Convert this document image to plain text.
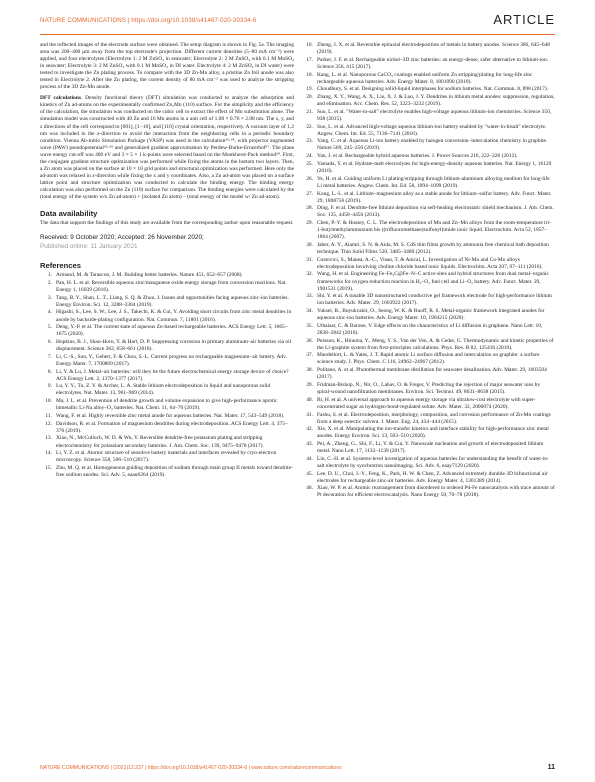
NATURE COMMUNICATIONS | https://doi.org/10.1038/s41467-020-20334-6	ARTICLE

and the reflected images of the electrode surface were obtained. The setup diagram is shown in Fig. 5a. The imaging area was 200–400 µm away from the top electrode's projection. Different current densities (5–80 mA cm⁻²) were applied, and four electrolytes (Electrolyte 1: 2 M ZnSO₄ in seawater; Electrolyte 2: 2 M ZnSO₄ with 0.1 M MnSO₄ in seawater; Electrolyte 3: 2 M ZnSO₄ with 0.1 M MnSO₄ in DI water. Electrolyte 4: 2 M ZnSO₄ in DI water) were tested to investigate the Zn plating process. To compare with the 3D Zn-Mn alloy, a pristine Zn foil anode was also tested in Electrolyte 2. After the Zn plating, the current density of 80 mA cm⁻² was used to analyze the stripping process of the 3D Zn-Mn anode.

DFT calculations. Density functional theory (DFT) simulation was conducted to analyze the adsorption and kinetics of Zn ad-atoms on the experimentally confirmed Zn₃Mn (110) surface. For the simplicity and the efficiency of the calculation, the simulation was conducted on the cubic cell to extract the effect of Mn substitution alone. The simulation model was constructed with 40 Zn and 16 Mn atoms in a unit cell of 1.08 × 0.76 × 2.08 nm. The x, y, and z directions of the cell correspond to [001], [1−10], and [110] crystal orientation, respectively. A vacuum layer of 1.2 nm was included in the z-direction to avoid the interaction from the neighboring cells in a periodic boundary condition. Vienna Ab-initio Simulation Package (VASP) was used in the calculation⁶³·⁶⁴, with projector augmented wave (PAW) pseudopotential⁶⁵·⁶⁶ and generalized gradient approximation by Perdew-Burke-Ernzerhof⁶⁷. The plane wave energy cut-off was 400 eV and 3 × 5 × 1 k-points were selected based on the Monkhorst-Pack method⁶⁸. First, the conjugate gradient structure optimization was performed while fixing the atoms in the bottom two layers. Then, a Zn atom was placed on the surface at 10 × 10 grid points and structural optimization was performed. Here only the ad-atom was relaxed in z-direction while fixing the x and y coordinates. Also, a Zn ad-atom was placed on a surface lattice point and structure optimization was conducted to calculate the binding energy. The binding energy calculation was also performed on the Zn (110) surface for comparison. The binding energies were calculated by the (total energy of the system w/o Zn ad-atom) + (isolated Zn atom) – (total energy of the model w/ Zn ad-atom).

Data availability

The data that support the findings of this study are available from the corresponding author upon reasonable request.

Received: 9 October 2020; Accepted: 26 November 2020;
Published online: 11 January 2021
References
1. Armand, M. & Tarascon, J. M. Building better batteries. Nature 451, 652–657 (2008).
2. Pan, H. L. et al. Reversible aqueous zinc/manganese oxide energy storage from conversion reactions. Nat. Energy 1, 16039 (2016).
3. Tang, B. Y., Shan, L. T., Liang, S. Q. & Zhou, J. Issues and opportunities facing aqueous zinc-ion batteries. Energy Environ. Sci. 12, 3288–3304 (2019).
4. Higashi, S., Lee, S. W., Lee, J. S., Takechi, K. & Cui, Y. Avoiding short circuits from zinc metal dendrites in anode by backside-plating configuration. Nat. Commun. 7, 11801 (2016).
5. Deng, Y.-P. et al. The current state of aqueous Zn-based rechargeable batteries. ACS Energy Lett. 5, 1665–1675 (2020).
6. Hopkins, B. J., Shao-Horn, Y. & Hart, D. P. Suppressing corrosion in primary aluminum–air batteries via oil displacement. Science 362, 658–661 (2018).
7. Li, C.-S., Sun, Y., Gebert, F. & Chou, S.-L. Current progress on rechargeable magnesium–air battery. Adv. Energy Mater. 7, 1700869 (2017).
8. Li, Y. & Lu, J. Metal–air batteries: will they be the future electrochemical energy storage device of choice? ACS Energy Lett. 2, 1370–1377 (2017).
9. Lu, Y. Y., Tu, Z. Y. & Archer, L. A. Stable lithium electrodeposition in liquid and nanoporous solid electrolytes. Nat. Mater. 13, 961–969 (2014).
10. Ma, J. L. et al. Prevention of dendrite growth and volume expansion to give high-performance aprotic bimetallic Li-Na alloy–O₂ batteries. Nat. Chem. 11, 64–70 (2019).
11. Wang, F. et al. Highly reversible zinc metal anode for aqueous batteries. Nat. Mater. 17, 543–549 (2018).
12. Davidson, R. et al. Formation of magnesium dendrites during electrodeposition. ACS Energy Lett. 4, 375–376 (2019).
13. Xiao, N., McCulloch, W. D. & Wu, Y. Reversible dendrite-free potassium plating and stripping electrochemistry for potassium secondary batteries. J. Am. Chem. Soc. 139, 9475–9478 (2017).
14. Li, Y. Z. et al. Atomic structure of sensitive battery materials and interfaces revealed by cryo-electron microscopy. Science 358, 506–510 (2017).
15. Zhu, M. Q. et al. Homogeneous guiding deposition of sodium through main group II metals toward dendrite-free sodium anodes. Sci. Adv. 5, eaau6264 (2019).
16. Zheng, J. X. et al. Reversible epitaxial electrodeposition of metals in battery anodes. Science 366, 645–648 (2019).
17. Parker, J. F. et al. Rechargeable nickel–3D zinc batteries: an energy-dense, safer alternative to lithium-ion. Science 356, 415 (2017).
18. Kang, L. et al. Nanoporous CaCO₃ coatings enabled uniform Zn stripping/plating for long-life zinc rechargeable aqueous batteries. Adv. Energy Mater. 8, 1801090 (2018).
19. Choudhury, S. et al. Designing solid-liquid interphases for sodium batteries. Nat. Commun. 8, 898 (2017).
20. Zhang, X. Y., Wang, A. X., Liu, X. J. & Luo, J. Y. Dendrites in lithium metal anodes: suppression, regulation, and elimination. Acc. Chem. Res. 52, 3223–3232 (2019).
21. Suo, L. et al. "Water-in-salt" electrolyte enables high-voltage aqueous lithium-ion chemistries. Science 350, 938 (2015).
22. Suo, L. et al. Advanced high-voltage aqueous lithium-ion battery enabled by "water-in-bisalt" electrolyte. Angew. Chem. Int. Ed. 55, 7136–7141 (2016).
23. Yang, C. et al. Aqueous Li-ion battery enabled by halogen conversion–intercalation chemistry in graphite. Nature 569, 245–250 (2019).
24. Yan, J. et al. Rechargeable hybrid aqueous batteries. J. Power Sources 216, 222–226 (2012).
25. Yamada, Y. et al. Hydrate-melt electrolytes for high-energy-density aqueous batteries. Nat. Energy 1, 16129 (2016).
26. Ye, H. et al. Guiding uniform Li plating/stripping through lithium-aluminum alloying medium for long-life Li metal batteries. Angew. Chem. Int. Ed. 58, 1094–1099 (2019).
27. Kong, L.-L. et al. Lithium–magnesium alloy as a stable anode for lithium–sulfur battery. Adv. Funct. Mater. 29, 1808756 (2019).
28. Ding, F. et al. Dendrite-free lithium deposition via self-healing electrostatic shield mechanism. J. Am. Chem. Soc. 135, 4450–4456 (2013).
29. Chen, P.-Y. & Hussey, C. L. The electrodeposition of Mn and Zn–Mn alloys from the room-temperature tri-1-butylmethylammonium bis ((trifluoromethane)sulfonyl)imide ionic liquid. Electrochim. Acta 52, 1857–1864 (2007).
30. Jaber, A. Y., Alamri, S. N. & Aida, M. S. CdS thin films growth by ammonia free chemical bath deposition technique. Thin Solid Films 520, 3485–3489 (2012).
31. Costovici, S., Manea, A.-C., Visan, T. & Anicai, L. Investigation of Ni-Mo and Co-Mo alloys electrodeposition involving choline chloride based ionic liquids. Electrochim. Acta 207, 97–111 (2016).
32. Wang, H. et al. Engineering Fe–Fe₃C@Fe–N–C active sites and hybrid structures from dual metal–organic frameworks for oxygen reduction reaction in H₂–O₂ fuel cell and Li–O₂ battery. Adv. Funct. Mater. 29, 1901531 (2019).
33. Shi, Y. et al. A tunable 3D nanostructured conductive gel framework electrode for high-performance lithium ion batteries. Adv. Mater. 29, 1603922 (2017).
34. Yuksel, R., Buyukcakir, O., Seong, W. K. & Ruoff, R. S. Metal-organic framework integrated anodes for aqueous zinc-ion batteries. Adv. Energy Mater. 10, 1904215 (2020).
35. Uthaisar, C. & Barone, V. Edge effects on the characteristics of Li diffusion in graphene. Nano Lett. 10, 2838–2842 (2010).
36. Persson, K., Hinuma, Y., Meng, Y. S., Van der Ven, A. & Ceder, G. Thermodynamic and kinetic properties of the Li-graphite system from first-principles calculations. Phys. Rev. B 82, 125416 (2010).
37. Mandeltort, L. & Yates, J. T. Rapid atomic Li surface diffusion and intercalation on graphite: a surface science study. J. Phys. Chem. C 116, 24962–24967 (2012).
38. Politano, A. et al. Photothermal membrane distillation for seawater desalination. Adv. Mater. 29, 1603504 (2017).
39. Fridman-Bishop, N., Nir, O., Lahav, O. & Freger, V. Predicting the rejection of major seawater ions by spiral-wound nanofiltration membranes. Environ. Sci. Technol. 49, 8631–8638 (2015).
40. Bi, H. et al. A universal approach to aqueous energy storage via ultralow-cost electrolyte with super-concentrated sugar as hydrogen-bond-regulated solute. Adv. Mater. 32, 2000074 (2020).
41. Fashu, S. et al. Electrodeposition, morphology, composition, and corrosion performance of Zn-Mn coatings from a deep eutectic solvent. J. Mater. Eng. 24, 434–444 (2015).
42. Xie, X. et al. Manipulating the ion-transfer kinetics and interface stability for high-performance zinc metal anodes. Energy Environ. Sci. 13, 503–510 (2020).
43. Pei, A., Zheng, G., Shi, F., Li, Y. & Cui, Y. Nanoscale nucleation and growth of electrodeposited lithium metal. Nano Lett. 17, 1132–1139 (2017).
44. Lin, C.-H. et al. Systems-level investigation of aqueous batteries for understanding the benefit of water-in-salt electrolyte by synchrotron nanoimaging. Sci. Adv. 6, eaay7129 (2020).
45. Lee, D. U., Choi, J.-Y., Feng, K., Park, H. W. & Chen, Z. Advanced extremely durable 3D bifunctional air electrodes for rechargeable zinc-air batteries. Adv. Energy Mater. 4, 1301389 (2014).
46. Xiao, W. P. et al. Atomic rearrangement from disordered to ordered Pd-Fe nanocatalysts with trace amount of Pt decoration for efficient electrocatalysis. Nano Energy 50, 70–78 (2018).
NATURE COMMUNICATIONS | (2021)12:237 | https://doi.org/10.1038/s41467-020-20334-6 | www.nature.com/naturecommunications	11
